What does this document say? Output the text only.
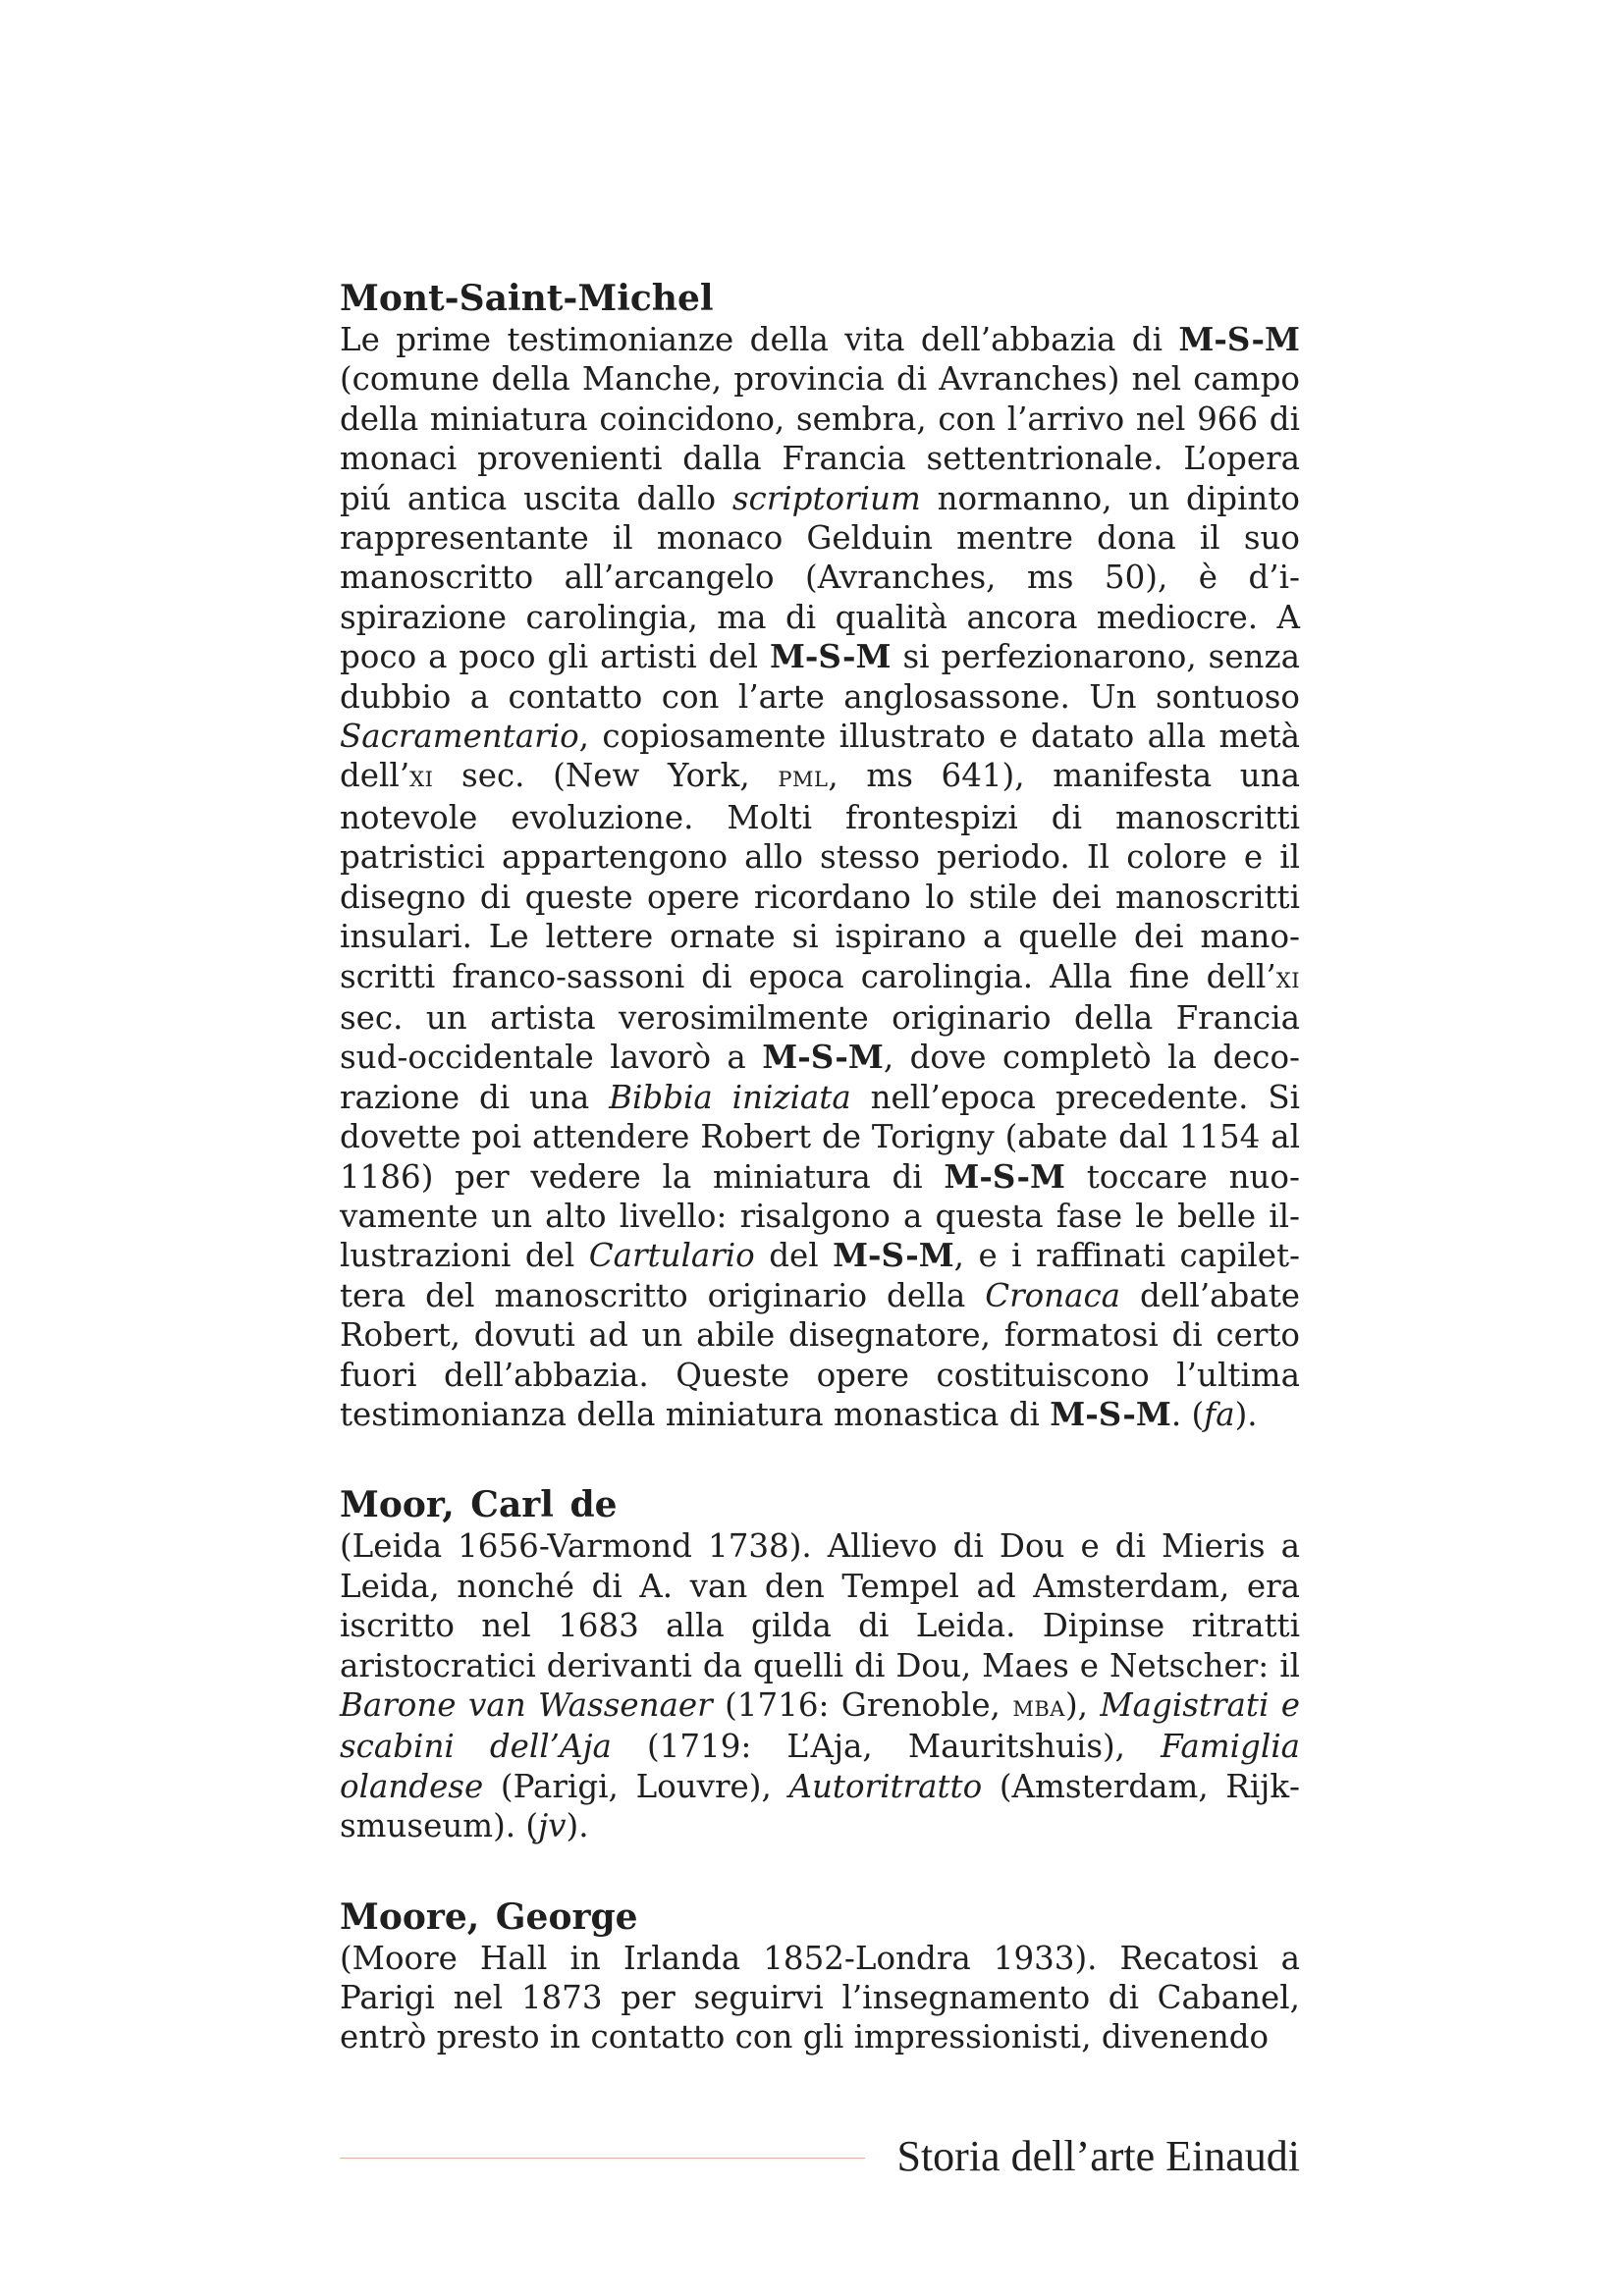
Mont-Saint-Michel

Le prime testimonianze della vita dell’abbazia di M-S-M (comune della Manche, provincia di Avranches) nel campo della miniatura coincidono, sembra, con l’arrivo nel 966 di monaci provenienti dalla Francia settentrionale. L’opera piú antica uscita dallo scriptorium normanno, un dipinto rappresentante il monaco Gelduin mentre dona il suo manoscritto all’arcangelo (Avranches, ms 50), è d’ispirazione carolingia, ma di qualità ancora mediocre. A poco a poco gli artisti del M-S-M si perfezionarono, senza dubbio a contatto con l’arte anglosassone. Un sontuoso Sacramentario, copiosamente illustrato e datato alla metà dell’xi sec. (New York, pml, ms 641), manifesta una notevole evoluzione. Molti frontespizi di manoscritti patristici appartengono allo stesso periodo. Il colore e il disegno di queste opere ricordano lo stile dei manoscritti insulari. Le lettere ornate si ispirano a quelle dei manoscritti franco-sassoni di epoca carolingia. Alla fine dell’xi sec. un artista verosimilmente originario della Francia sud-occidentale lavorò a M-S-M, dove completò la decorazione di una Bibbia iniziata nell’epoca precedente. Si dovette poi attendere Robert de Torigny (abate dal 1154 al 1186) per vedere la miniatura di M-S-M toccare nuovamente un alto livello: risalgono a questa fase le belle illustrazioni del Cartulario del M-S-M, e i raffinati capilettera del manoscritto originario della Cronaca dell’abate Robert, dovuti ad un abile disegnatore, formatosi di certo fuori dell’abbazia. Queste opere costituiscono l’ultima testimonianza della miniatura monastica di M-S-M. (fa).

Moor, Carl de

(Leida 1656-Varmond 1738). Allievo di Dou e di Mieris a Leida, nonché di A. van den Tempel ad Amsterdam, era iscritto nel 1683 alla gilda di Leida. Dipinse ritratti aristocratici derivanti da quelli di Dou, Maes e Netscher: il Barone van Wassenaer (1716: Grenoble, mba), Magistrati e scabini dell’Aja (1719: L’Aja, Mauritshuis), Famiglia olandese (Parigi, Louvre), Autoritratto (Amsterdam, Rijksmuseum). (jv).

Moore, George

(Moore Hall in Irlanda 1852-Londra 1933). Recatosi a Parigi nel 1873 per seguirvi l’insegnamento di Cabanel, entrò presto in contatto con gli impressionisti, divenendo

Storia dell’arte Einaudi
